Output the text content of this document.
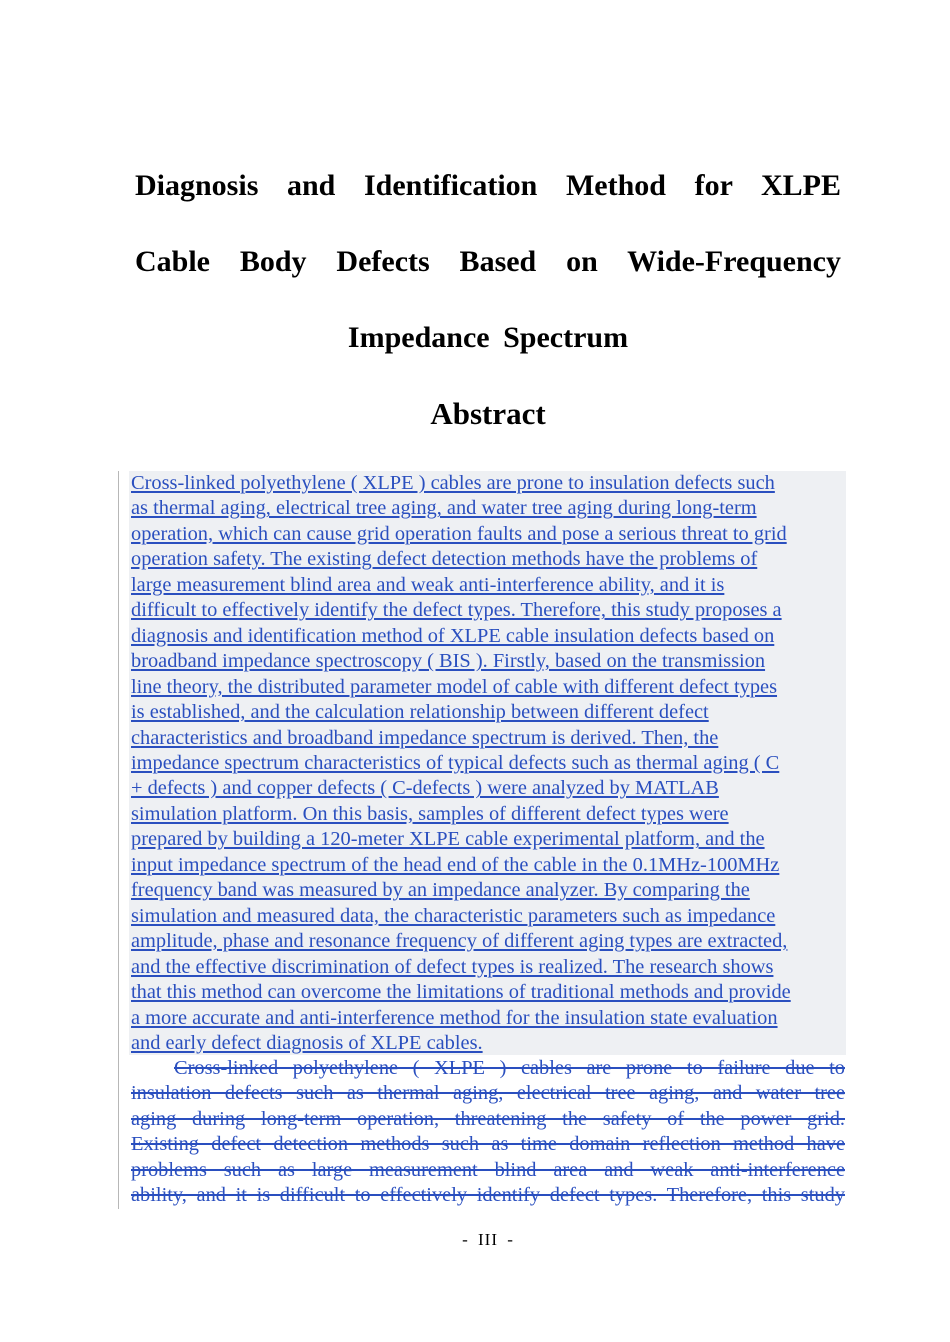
Diagnosis and Identification Method for XLPE
Cable Body Defects Based on Wide-Frequency
Impedance Spectrum
Abstract
Cross-linked polyethylene ( XLPE ) cables are prone to insulation defects such
as thermal aging, electrical tree aging, and water tree aging during long-term
operation, which can cause grid operation faults and pose a serious threat to grid
operation safety. The existing defect detection methods have the problems of
large measurement blind area and weak anti-interference ability, and it is
difficult to effectively identify the defect types. Therefore, this study proposes a
diagnosis and identification method of XLPE cable insulation defects based on
broadband impedance spectroscopy ( BIS ). Firstly, based on the transmission
line theory, the distributed parameter model of cable with different defect types
is established, and the calculation relationship between different defect
characteristics and broadband impedance spectrum is derived. Then, the
impedance spectrum characteristics of typical defects such as thermal aging ( C
+ defects ) and copper defects ( C-defects ) were analyzed by MATLAB
simulation platform. On this basis, samples of different defect types were
prepared by building a 120-meter XLPE cable experimental platform, and the
input impedance spectrum of the head end of the cable in the 0.1MHz-100MHz
frequency band was measured by an impedance analyzer. By comparing the
simulation and measured data, the characteristic parameters such as impedance
amplitude, phase and resonance frequency of different aging types are extracted,
and the effective discrimination of defect types is realized. The research shows
that this method can overcome the limitations of traditional methods and provide
a more accurate and anti-interference method for the insulation state evaluation
and early defect diagnosis of XLPE cables.
Cross-linked polyethylene ( XLPE ) cables are prone to failure due to
insulation defects such as thermal aging, electrical tree aging, and water tree
aging during long-term operation, threatening the safety of the power grid.
Existing defect detection methods such as time domain reflection method have
problems such as large measurement blind area and weak anti-interference
ability, and it is difficult to effectively identify defect types. Therefore, this study
- III -
